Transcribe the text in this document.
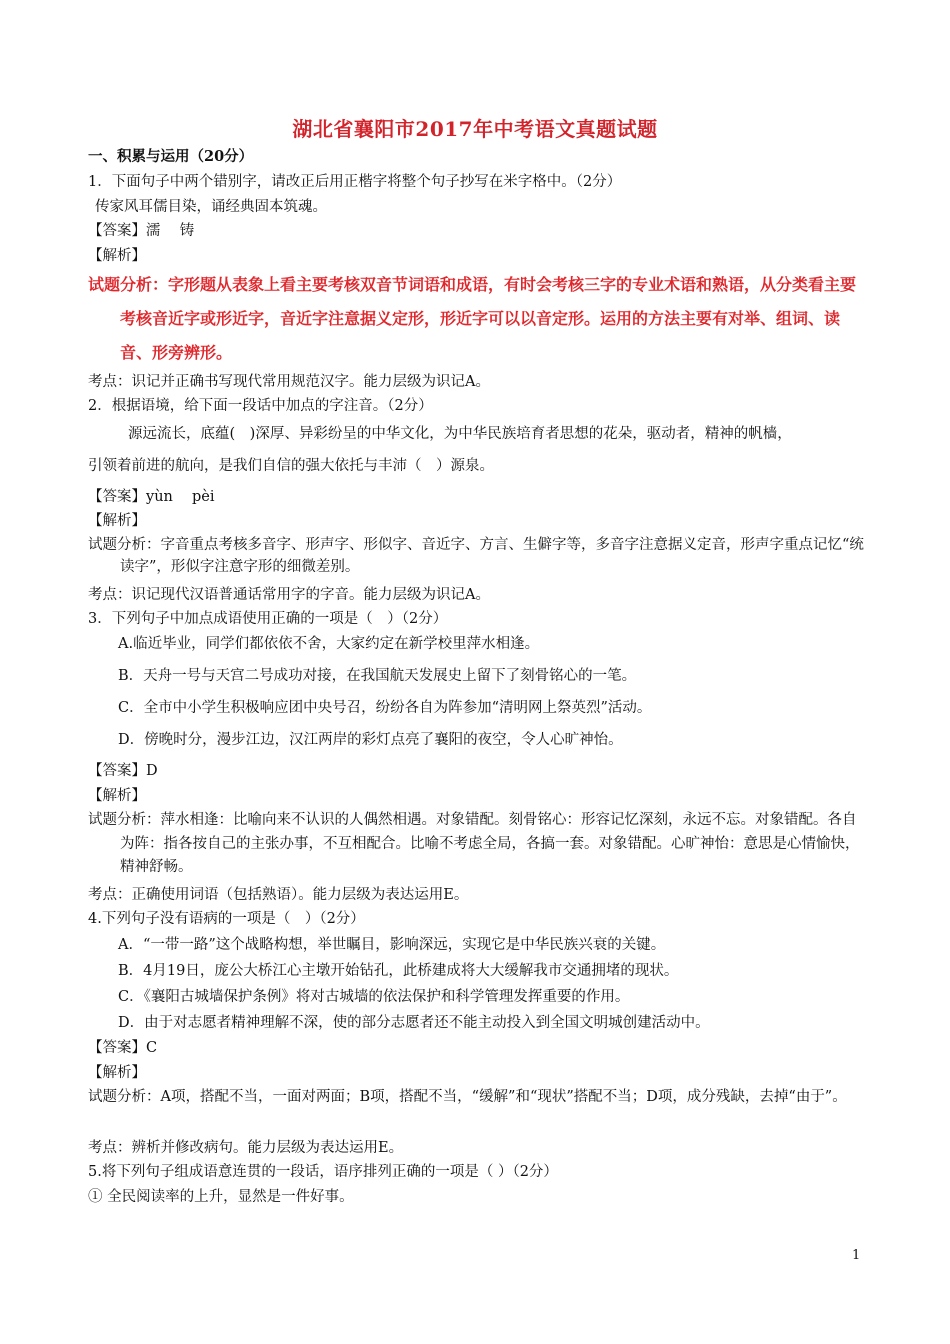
湖北省襄阳市2017年中考语文真题试题
一、积累与运用（20分）
1．下面句子中两个错别字，请改正后用正楷字将整个句子抄写在米字格中。（2分）
传家风耳儒目染，诵经典固本筑魂。
【答案】濡　 铸
【解析】
试题分析：字形题从表象上看主要考核双音节词语和成语，有时会考核三字的专业术语和熟语，从分类看主要考核音近字或形近字，音近字注意据义定形，形近字可以以音定形。运用的方法主要有对举、组词、读音、形旁辨形。
考点：识记并正确书写现代常用规范汉字。能力层级为识记A。
2．根据语境，给下面一段话中加点的字注音。（2分）
源远流长，底蕴(　)深厚、异彩纷呈的中华文化，为中华民族培育者思想的花朵，驱动者，精神的帆樯，
引领着前进的航向，是我们自信的强大依托与丰沛（　）源泉。
【答案】yùn　 pèi
【解析】
试题分析：字音重点考核多音字、形声字、形似字、音近字、方言、生僻字等，多音字注意据义定音，形声字重点记忆“统读字”，形似字注意字形的细微差别。
考点：识记现代汉语普通话常用字的字音。能力层级为识记A。
3．下列句子中加点成语使用正确的一项是（　）（2分）
A.临近毕业，同学们都依依不舍，大家约定在新学校里萍水相逢。
B．天舟一号与天宫二号成功对接，在我国航天发展史上留下了刻骨铭心的一笔。
C．全市中小学生积极响应团中央号召，纷纷各自为阵参加“清明网上祭英烈”活动。
D．傍晚时分，漫步江边，汉江两岸的彩灯点亮了襄阳的夜空，令人心旷神怡。
【答案】D
【解析】
试题分析：萍水相逢：比喻向来不认识的人偶然相遇。对象错配。刻骨铭心：形容记忆深刻，永远不忘。对象错配。各自为阵：指各按自己的主张办事，不互相配合。比喻不考虑全局，各搞一套。对象错配。心旷神怡：意思是心情愉快，精神舒畅。
考点：正确使用词语（包括熟语）。能力层级为表达运用E。
4.下列句子没有语病的一项是（　）（2分）
A．“一带一路”这个战略构想，举世瞩目，影响深远，实现它是中华民族兴衰的关键。
B．4月19日，庞公大桥江心主墩开始钻孔，此桥建成将大大缓解我市交通拥堵的现状。
C．《襄阳古城墙保护条例》将对古城墙的依法保护和科学管理发挥重要的作用。
D．由于对志愿者精神理解不深，使的部分志愿者还不能主动投入到全国文明城创建活动中。
【答案】C
【解析】
试题分析：A项，搭配不当，一面对两面；B项，搭配不当，“缓解”和“现状”搭配不当；D项，成分残缺，去掉“由于”。
考点：辨析并修改病句。能力层级为表达运用E。
5.将下列句子组成语意连贯的一段话，语序排列正确的一项是（ ）（2分）
① 全民阅读率的上升，显然是一件好事。
1
